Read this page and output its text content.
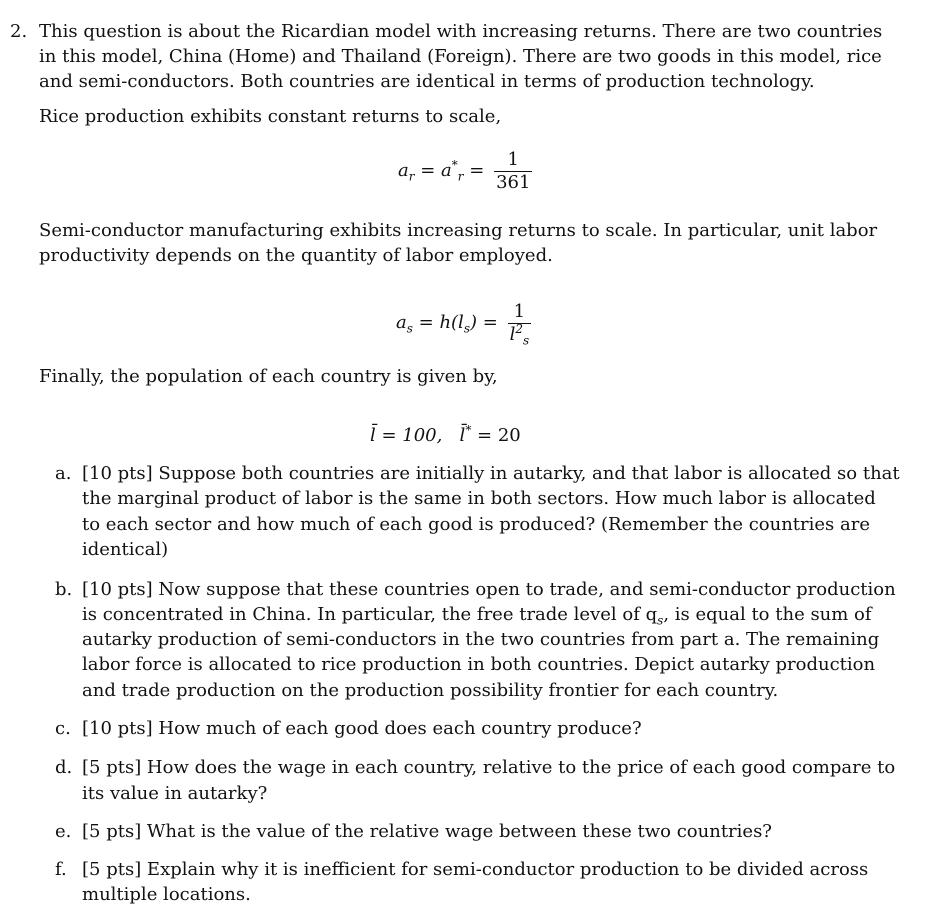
2. This question is about the Ricardian model with increasing returns. There are two countries
in this model, China (Home) and Thailand (Foreign). There are two goods in this model, rice
and semi-conductors. Both countries are identical in terms of production technology.
Rice production exhibits constant returns to scale,
$a_r = a^*_r = \frac{1}{361}$
Semi-conductor manufacturing exhibits increasing returns to scale. In particular, unit labor
productivity depends on the quantity of labor employed.
$a_s = h(l_s) = \frac{1}{l^2_s}$
Finally, the population of each country is given by,
l̄ = 100, l̄* = 20
a. [10 pts] Suppose both countries are initially in autarky, and that labor is allocated so that
the marginal product of labor is the same in both sectors. How much labor is allocated
to each sector and how much of each good is produced? (Remember the countries are
identical)
b. [10 pts] Now suppose that these countries open to trade, and semi-conductor production
is concentrated in China. In particular, the free trade level of $q_s$, is equal to the sum of
autarky production of semi-conductors in the two countries from part a. The remaining
labor force is allocated to rice production in both countries. Depict autarky production
and trade production on the production possibility frontier for each country.
c. [10 pts] How much of each good does each country produce?
d. [5 pts] How does the wage in each country, relative to the price of each good compare to
its value in autarky?
e. [5 pts] What is the value of the relative wage between these two countries?
f. [5 pts] Explain why it is inefficient for semi-conductor production to be divided across
multiple locations.
